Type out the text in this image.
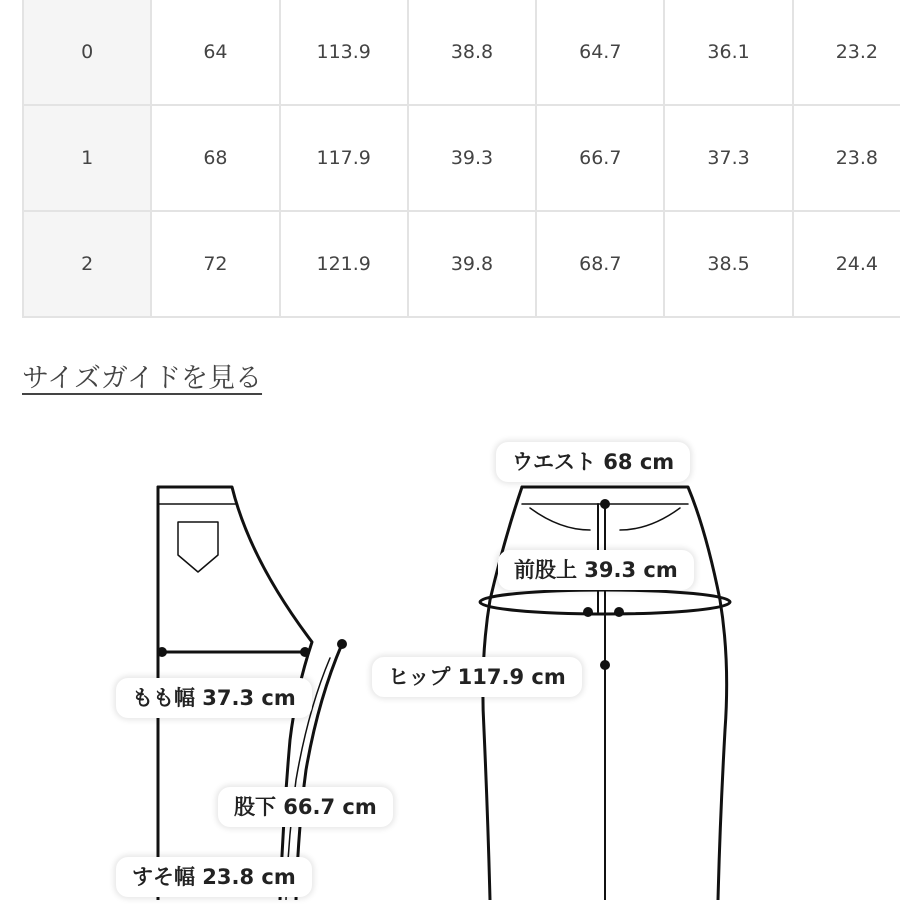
0	64	113.9	38.8	64.7	36.1	23.2
1	68	117.9	39.3	66.7	37.3	23.8
2	72	121.9	39.8	68.7	38.5	24.4
サイズガイドを見る
ウエスト 68 cm
前股上 39.3 cm
ヒップ 117.9 cm
もも幅 37.3 cm
股下 66.7 cm
すそ幅 23.8 cm
